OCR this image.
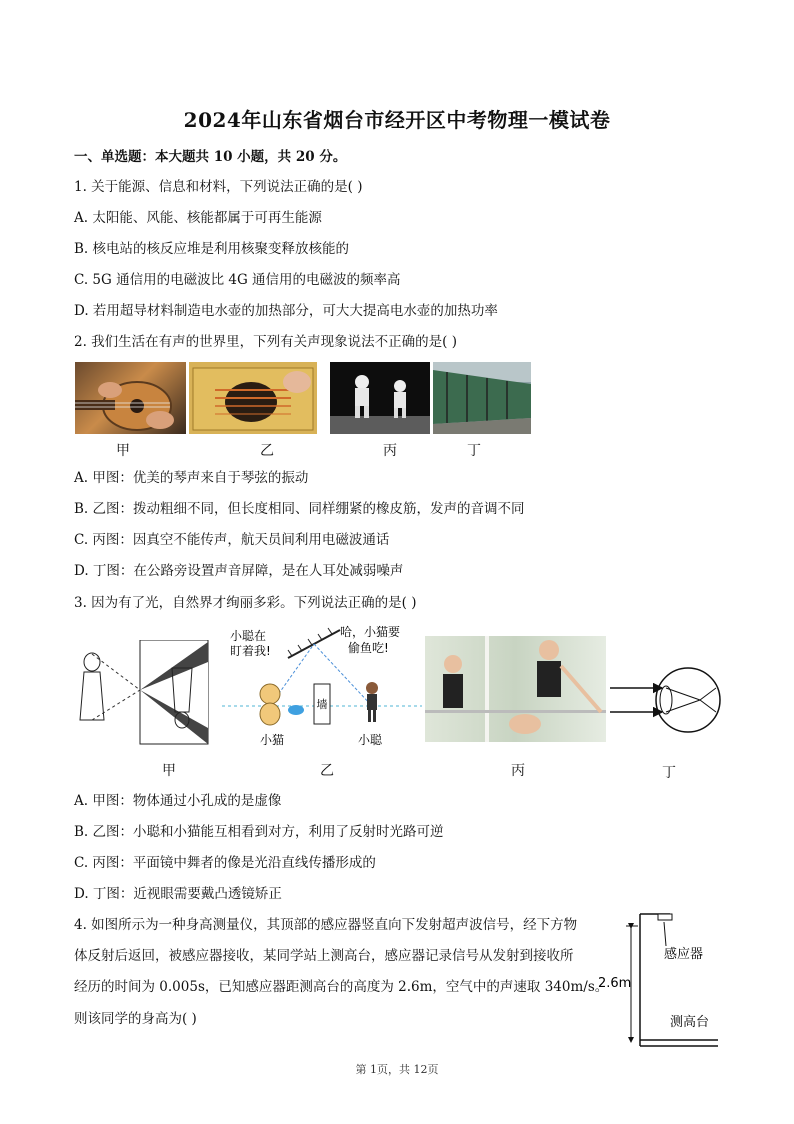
2024年山东省烟台市经开区中考物理一模试卷
一、单选题：本大题共 10 小题，共 20 分。
1. 关于能源、信息和材料，下列说法正确的是( )
A. 太阳能、风能、核能都属于可再生能源
B. 核电站的核反应堆是利用核聚变释放核能的
C. 5G 通信用的电磁波比 4G 通信用的电磁波的频率高
D. 若用超导材料制造电水壶的加热部分，可大大提高电水壶的加热功率
2. 我们生活在有声的世界里，下列有关声现象说法不正确的是( )
甲	乙	丙	丁
A. 甲图：优美的琴声来自于琴弦的振动
B. 乙图：拨动粗细不同，但长度相同、同样绷紧的橡皮筋，发声的音调不同
C. 丙图：因真空不能传声，航天员间利用电磁波通话
D. 丁图：在公路旁设置声音屏障，是在人耳处减弱噪声
3. 因为有了光，自然界才绚丽多彩。下列说法正确的是( )
小聪在
盯着我!
哈，小猫要
偷鱼吃!
墙
小猫	小聪
甲	乙	丙	丁
A. 甲图：物体通过小孔成的是虚像
B. 乙图：小聪和小猫能互相看到对方，利用了反射时光路可逆
C. 丙图：平面镜中舞者的像是光沿直线传播形成的
D. 丁图：近视眼需要戴凸透镜矫正
4. 如图所示为一种身高测量仪，其顶部的感应器竖直向下发射超声波信号，经下方物
体反射后返回，被感应器接收，某同学站上测高台，感应器记录信号从发射到接收所
经历的时间为 0.005s，已知感应器距测高台的高度为 2.6m，空气中的声速取 340m/s。
则该同学的身高为( )
2.6m
感应器
测高台
第 1页，共 12页
